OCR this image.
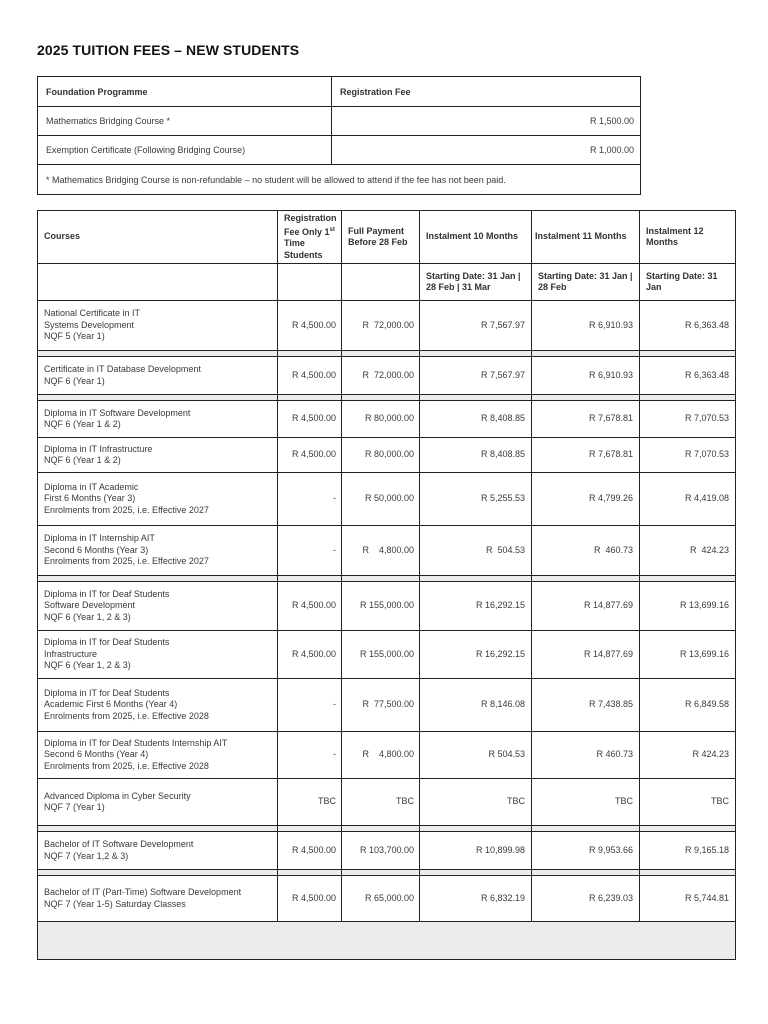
2025 TUITION FEES – NEW STUDENTS
Foundation Programme	Registration Fee
Mathematics Bridging Course *	R 1,500.00
Exemption Certificate (Following Bridging Course)	R 1,000.00
* Mathematics Bridging Course is non-refundable – no student will be allowed to attend if the fee has not been paid.	
Courses	Registration Fee Only 1st Time Students	Full Payment Before 28 Feb	Instalment 10 Months	Instalment 11 Months	Instalment 12 Months
			Starting Date: 31 Jan | 28 Feb | 31 Mar	Starting Date: 31 Jan | 28 Feb	Starting Date: 31 Jan

National Certificate in IT
Systems Development
NQF 5 (Year 1)	R 4,500.00	R  72,000.00	R 7,567.97	R 6,910.93	R 6,363.48

Certificate in IT Database Development
NQF 6 (Year 1)	R 4,500.00	R  72,000.00	R 7,567.97	R 6,910.93	R 6,363.48

Diploma in IT Software Development
NQF 6 (Year 1 & 2)	R 4,500.00	R 80,000.00	R 8,408.85	R 7,678.81	R 7,070.53

Diploma in IT Infrastructure
NQF 6 (Year 1 & 2)	R 4,500.00	R 80,000.00	R 8,408.85	R 7,678.81	R 7,070.53

Diploma in IT Academic
First 6 Months (Year 3)
Enrolments from 2025, i.e. Effective 2027	-	R 50,000.00	R 5,255.53	R 4,799.26	R 4,419.08

Diploma in IT Internship AIT
Second 6 Months (Year 3)
Enrolments from 2025, i.e. Effective 2027	-	R    4,800.00	R  504.53	R  460.73	R  424.23

Diploma in IT for Deaf Students
Software Development
NQF 6 (Year 1, 2 & 3)	R 4,500.00	R 155,000.00	R 16,292.15	R 14,877.69	R 13,699.16

Diploma in IT for Deaf Students
Infrastructure
NQF 6 (Year 1, 2 & 3)	R 4,500.00	R 155,000.00	R 16,292.15	R 14,877.69	R 13,699.16

Diploma in IT for Deaf Students
Academic First 6 Months (Year 4)
Enrolments from 2025, i.e. Effective 2028	-	R  77,500.00	R 8,146.08	R 7,438.85	R 6,849.58

Diploma in IT for Deaf Students Internship AIT
Second 6 Months (Year 4)
Enrolments from 2025, i.e. Effective 2028	-	R    4,800.00	R 504.53	R 460.73	R 424.23

Advanced Diploma in Cyber Security
NQF 7 (Year 1)	TBC	TBC	TBC	TBC	TBC

Bachelor of IT Software Development
NQF 7 (Year 1,2 & 3)	R 4,500.00	R 103,700.00	R 10,899.98	R 9,953.66	R 9,165.18

Bachelor of IT (Part-Time) Software Development
NQF 7 (Year 1-5) Saturday Classes	R 4,500.00	R 65,000.00	R 6,832.19	R 6,239.03	R 5,744.81
